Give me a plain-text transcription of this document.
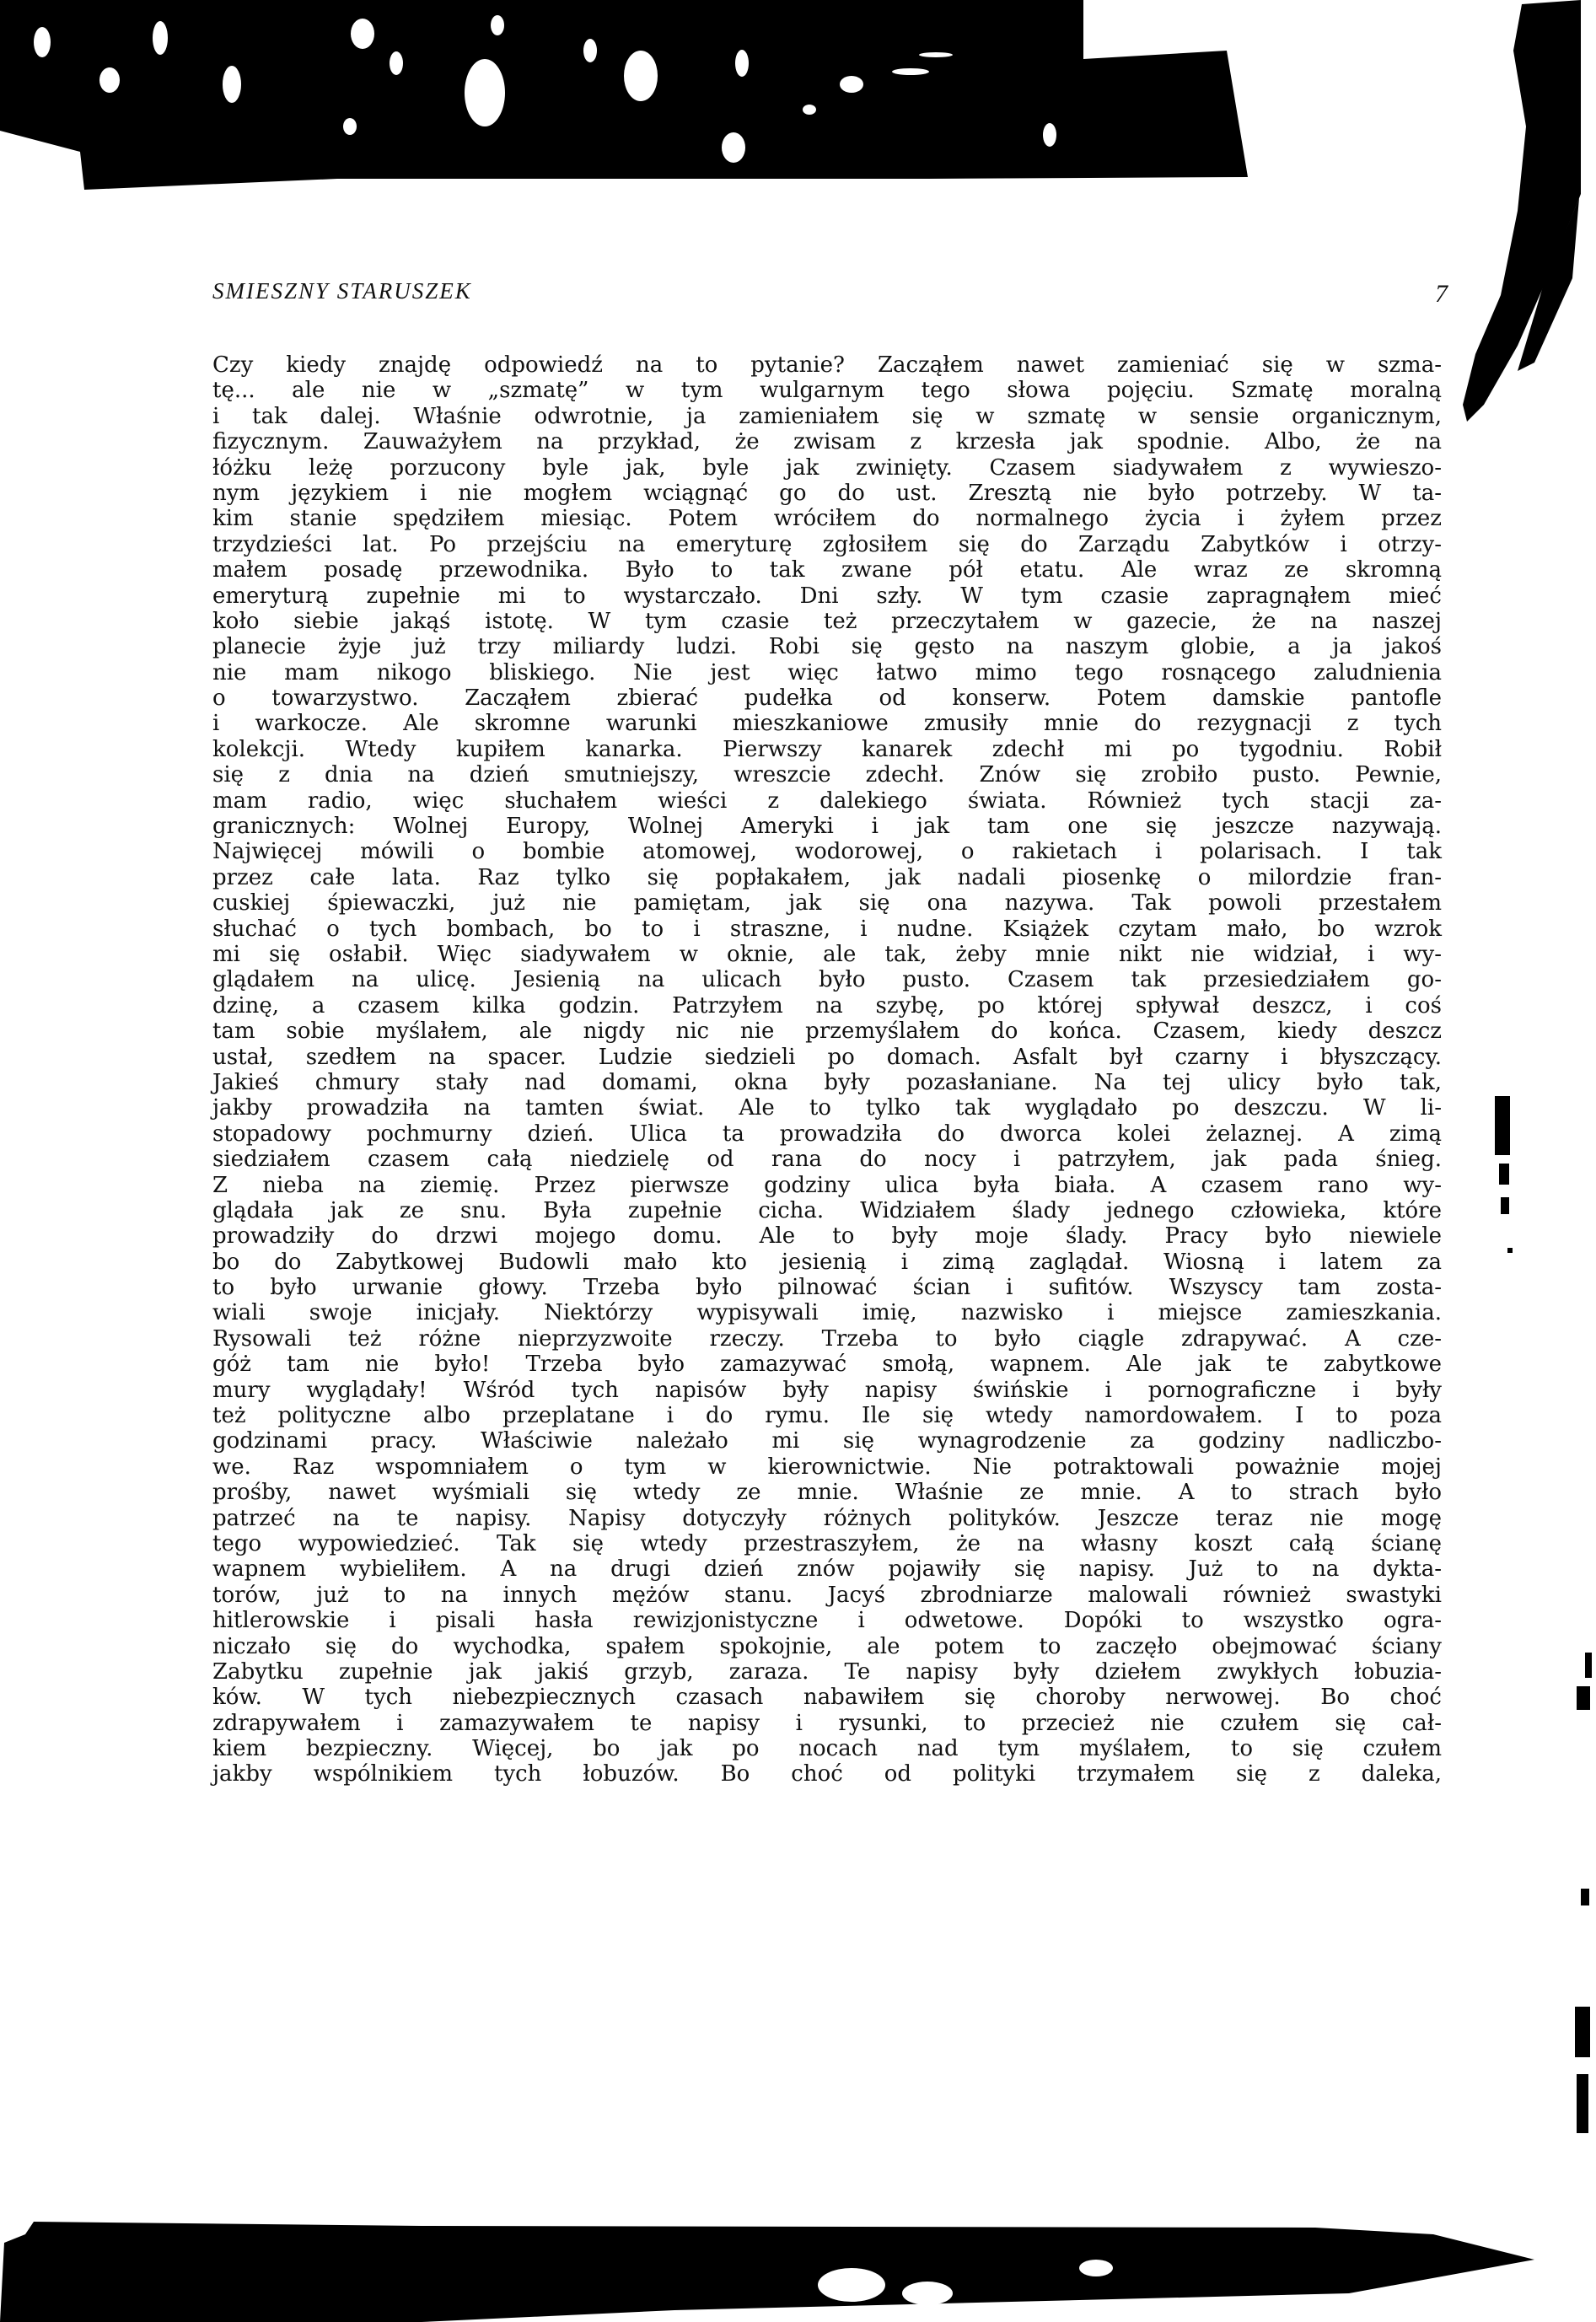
SMIESZNY STARUSZEK	7
Czy kiedy znajdę odpowiedź na to pytanie? Zacząłem nawet zamieniać się w szma-
tę... ale nie w „szmatę” w tym wulgarnym tego słowa pojęciu. Szmatę moralną
i tak dalej. Właśnie odwrotnie, ja zamieniałem się w szmatę w sensie organicznym,
fizycznym. Zauważyłem na przykład, że zwisam z krzesła jak spodnie. Albo, że na
łóżku leżę porzucony byle jak, byle jak zwinięty. Czasem siadywałem z wywieszo-
nym językiem i nie mogłem wciągnąć go do ust. Zresztą nie było potrzeby. W ta-
kim stanie spędziłem miesiąc. Potem wróciłem do normalnego życia i żyłem przez
trzydzieści lat. Po przejściu na emeryturę zgłosiłem się do Zarządu Zabytków i otrzy-
małem posadę przewodnika. Było to tak zwane pół etatu. Ale wraz ze skromną
emeryturą zupełnie mi to wystarczało. Dni szły. W tym czasie zapragnąłem mieć
koło siebie jakąś istotę. W tym czasie też przeczytałem w gazecie, że na naszej
planecie żyje już trzy miliardy ludzi. Robi się gęsto na naszym globie, a ja jakoś
nie mam nikogo bliskiego. Nie jest więc łatwo mimo tego rosnącego zaludnienia
o towarzystwo. Zacząłem zbierać pudełka od konserw. Potem damskie pantofle
i warkocze. Ale skromne warunki mieszkaniowe zmusiły mnie do rezygnacji z tych
kolekcji. Wtedy kupiłem kanarka. Pierwszy kanarek zdechł mi po tygodniu. Robił
się z dnia na dzień smutniejszy, wreszcie zdechł. Znów się zrobiło pusto. Pewnie,
mam radio, więc słuchałem wieści z dalekiego świata. Również tych stacji za-
granicznych: Wolnej Europy, Wolnej Ameryki i jak tam one się jeszcze nazywają.
Najwięcej mówili o bombie atomowej, wodorowej, o rakietach i polarisach. I tak
przez całe lata. Raz tylko się popłakałem, jak nadali piosenkę o milordzie fran-
cuskiej śpiewaczki, już nie pamiętam, jak się ona nazywa. Tak powoli przestałem
słuchać o tych bombach, bo to i straszne, i nudne. Książek czytam mało, bo wzrok
mi się osłabił. Więc siadywałem w oknie, ale tak, żeby mnie nikt nie widział, i wy-
glądałem na ulicę. Jesienią na ulicach było pusto. Czasem tak przesiedziałem go-
dzinę, a czasem kilka godzin. Patrzyłem na szybę, po której spływał deszcz, i coś
tam sobie myślałem, ale nigdy nic nie przemyślałem do końca. Czasem, kiedy deszcz
ustał, szedłem na spacer. Ludzie siedzieli po domach. Asfalt był czarny i błyszczący.
Jakieś chmury stały nad domami, okna były pozasłaniane. Na tej ulicy było tak,
jakby prowadziła na tamten świat. Ale to tylko tak wyglądało po deszczu. W li-
stopadowy pochmurny dzień. Ulica ta prowadziła do dworca kolei żelaznej. A zimą
siedziałem czasem całą niedzielę od rana do nocy i patrzyłem, jak pada śnieg.
Z nieba na ziemię. Przez pierwsze godziny ulica była biała. A czasem rano wy-
glądała jak ze snu. Była zupełnie cicha. Widziałem ślady jednego człowieka, które
prowadziły do drzwi mojego domu. Ale to były moje ślady. Pracy było niewiele
bo do Zabytkowej Budowli mało kto jesienią i zimą zaglądał. Wiosną i latem za
to było urwanie głowy. Trzeba było pilnować ścian i sufitów. Wszyscy tam zosta-
wiali swoje inicjały. Niektórzy wypisywali imię, nazwisko i miejsce zamieszkania.
Rysowali też różne nieprzyzwoite rzeczy. Trzeba to było ciągle zdrapywać. A cze-
góż tam nie było! Trzeba było zamazywać smołą, wapnem. Ale jak te zabytkowe
mury wyglądały! Wśród tych napisów były napisy świńskie i pornograficzne i były
też polityczne albo przeplatane i do rymu. Ile się wtedy namordowałem. I to poza
godzinami pracy. Właściwie należało mi się wynagrodzenie za godziny nadliczbo-
we. Raz wspomniałem o tym w kierownictwie. Nie potraktowali poważnie mojej
prośby, nawet wyśmiali się wtedy ze mnie. Właśnie ze mnie. A to strach było
patrzeć na te napisy. Napisy dotyczyły różnych polityków. Jeszcze teraz nie mogę
tego wypowiedzieć. Tak się wtedy przestraszyłem, że na własny koszt całą ścianę
wapnem wybieliłem. A na drugi dzień znów pojawiły się napisy. Już to na dykta-
torów, już to na innych mężów stanu. Jacyś zbrodniarze malowali również swastyki
hitlerowskie i pisali hasła rewizjonistyczne i odwetowe. Dopóki to wszystko ogra-
niczało się do wychodka, spałem spokojnie, ale potem to zaczęło obejmować ściany
Zabytku zupełnie jak jakiś grzyb, zaraza. Te napisy były dziełem zwykłych łobuzia-
ków. W tych niebezpiecznych czasach nabawiłem się choroby nerwowej. Bo choć
zdrapywałem i zamazywałem te napisy i rysunki, to przecież nie czułem się cał-
kiem bezpieczny. Więcej, bo jak po nocach nad tym myślałem, to się czułem
jakby wspólnikiem tych łobuzów. Bo choć od polityki trzymałem się z daleka,
